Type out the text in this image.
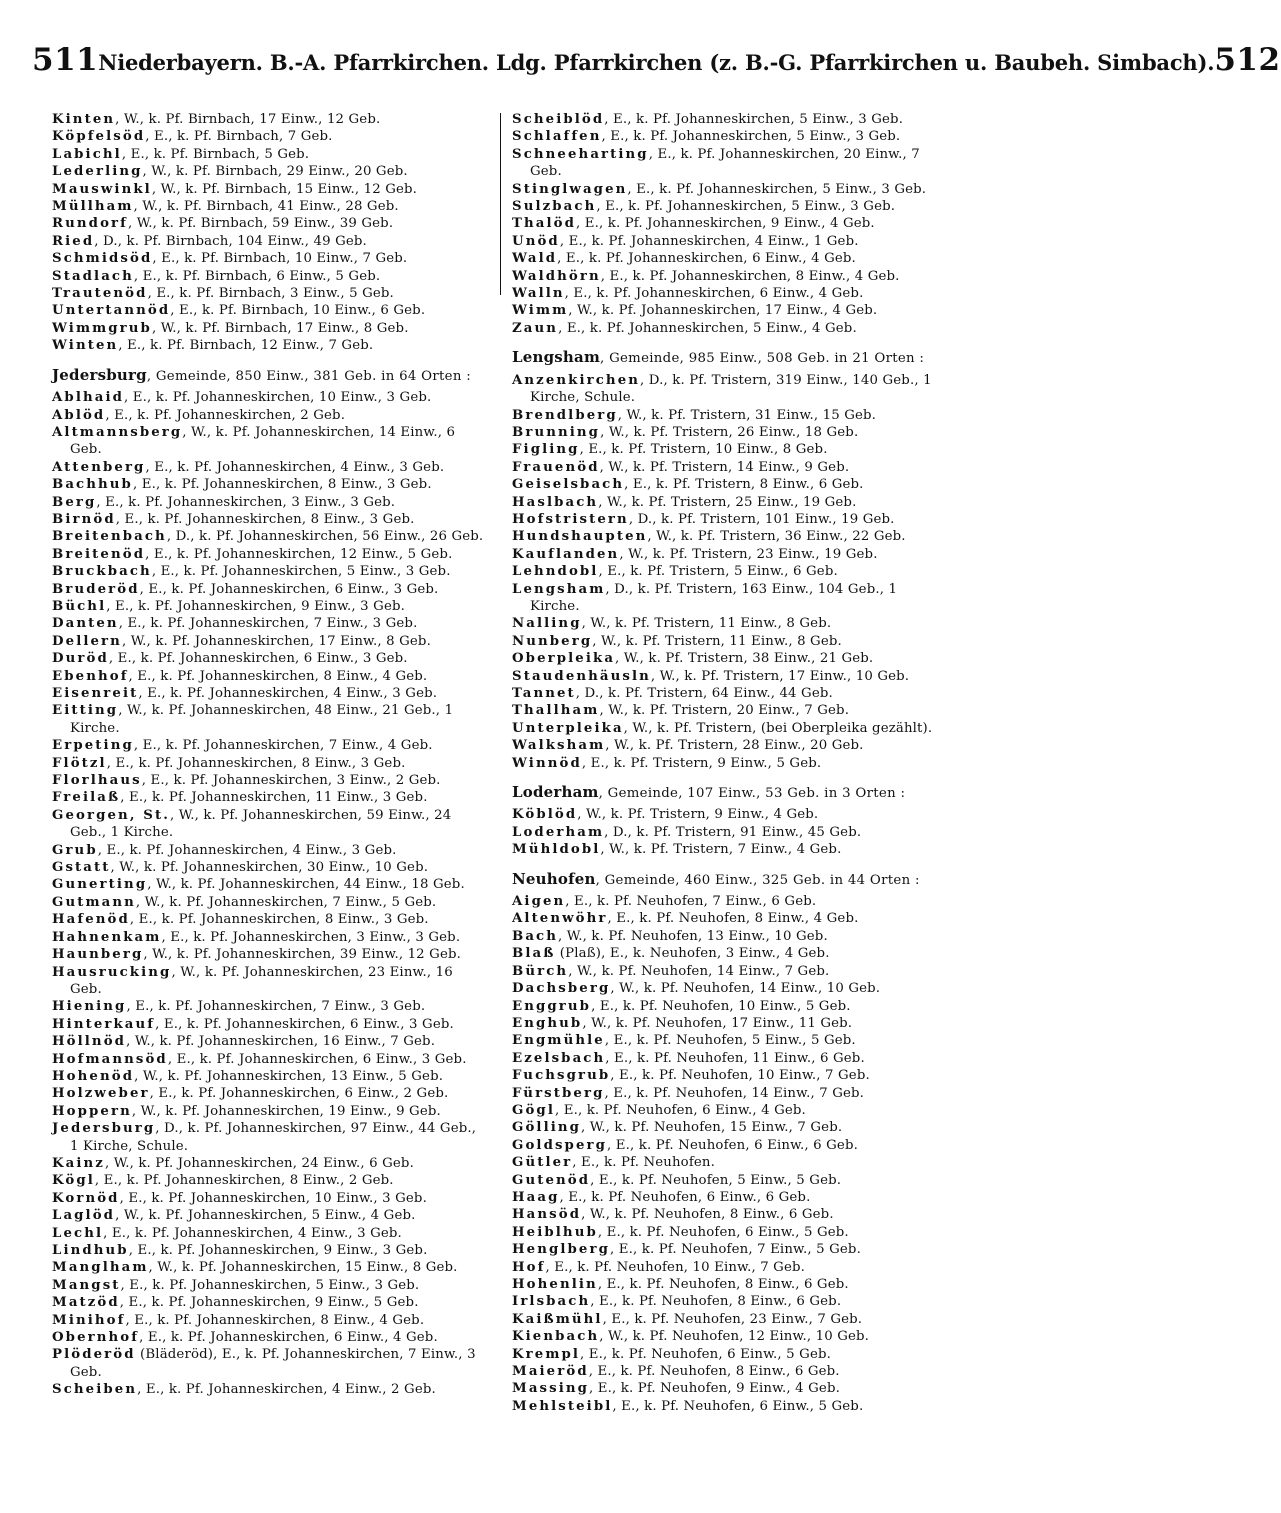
511 Niederbayern. B.-A. Pfarrkirchen. Ldg. Pfarrkirchen (z. B.-G. Pfarrkirchen u. Baubeh. Simbach). 512

Kinten, W., k. Pf. Birnbach, 17 Einw., 12 Geb.

Köpfelsöd, E., k. Pf. Birnbach, 7 Geb.

Labichl, E., k. Pf. Birnbach, 5 Geb.

Lederling, W., k. Pf. Birnbach, 29 Einw., 20 Geb.

Mauswinkl, W., k. Pf. Birnbach, 15 Einw., 12 Geb.

Müllham, W., k. Pf. Birnbach, 41 Einw., 28 Geb.

Rundorf, W., k. Pf. Birnbach, 59 Einw., 39 Geb.

Ried, D., k. Pf. Birnbach, 104 Einw., 49 Geb.

Schmidsöd, E., k. Pf. Birnbach, 10 Einw., 7 Geb.

Stadlach, E., k. Pf. Birnbach, 6 Einw., 5 Geb.

Trautenöd, E., k. Pf. Birnbach, 3 Einw., 5 Geb.

Untertannöd, E., k. Pf. Birnbach, 10 Einw., 6 Geb.

Wimmgrub, W., k. Pf. Birnbach, 17 Einw., 8 Geb.

Winten, E., k. Pf. Birnbach, 12 Einw., 7 Geb.

Jedersburg, Gemeinde, 850 Einw., 381 Geb. in 64 Orten :

Ablhaid, E., k. Pf. Johanneskirchen, 10 Einw., 3 Geb.

Ablöd, E., k. Pf. Johanneskirchen, 2 Geb.

Altmannsberg, W., k. Pf. Johanneskirchen, 14 Einw., 6 Geb.

Attenberg, E., k. Pf. Johanneskirchen, 4 Einw., 3 Geb.

Bachhub, E., k. Pf. Johanneskirchen, 8 Einw., 3 Geb.

Berg, E., k. Pf. Johanneskirchen, 3 Einw., 3 Geb.

Birnöd, E., k. Pf. Johanneskirchen, 8 Einw., 3 Geb.

Breitenbach, D., k. Pf. Johanneskirchen, 56 Einw., 26 Geb.

Breitenöd, E., k. Pf. Johanneskirchen, 12 Einw., 5 Geb.

Bruckbach, E., k. Pf. Johanneskirchen, 5 Einw., 3 Geb.

Bruderöd, E., k. Pf. Johanneskirchen, 6 Einw., 3 Geb.

Büchl, E., k. Pf. Johanneskirchen, 9 Einw., 3 Geb.

Danten, E., k. Pf. Johanneskirchen, 7 Einw., 3 Geb.

Dellern, W., k. Pf. Johanneskirchen, 17 Einw., 8 Geb.

Duröd, E., k. Pf. Johanneskirchen, 6 Einw., 3 Geb.

Ebenhof, E., k. Pf. Johanneskirchen, 8 Einw., 4 Geb.

Eisenreit, E., k. Pf. Johanneskirchen, 4 Einw., 3 Geb.

Eitting, W., k. Pf. Johanneskirchen, 48 Einw., 21 Geb., 1 Kirche.

Erpeting, E., k. Pf. Johanneskirchen, 7 Einw., 4 Geb.

Flötzl, E., k. Pf. Johanneskirchen, 8 Einw., 3 Geb.

Florlhaus, E., k. Pf. Johanneskirchen, 3 Einw., 2 Geb.

Freilaß, E., k. Pf. Johanneskirchen, 11 Einw., 3 Geb.

Georgen, St., W., k. Pf. Johanneskirchen, 59 Einw., 24 Geb., 1 Kirche.

Grub, E., k. Pf. Johanneskirchen, 4 Einw., 3 Geb.

Gstatt, W., k. Pf. Johanneskirchen, 30 Einw., 10 Geb.

Gunerting, W., k. Pf. Johanneskirchen, 44 Einw., 18 Geb.

Gutmann, W., k. Pf. Johanneskirchen, 7 Einw., 5 Geb.

Hafenöd, E., k. Pf. Johanneskirchen, 8 Einw., 3 Geb.

Hahnenkam, E., k. Pf. Johanneskirchen, 3 Einw., 3 Geb.

Haunberg, W., k. Pf. Johanneskirchen, 39 Einw., 12 Geb.

Hausrucking, W., k. Pf. Johanneskirchen, 23 Einw., 16 Geb.

Hiening, E., k. Pf. Johanneskirchen, 7 Einw., 3 Geb.

Hinterkauf, E., k. Pf. Johanneskirchen, 6 Einw., 3 Geb.

Höllnöd, W., k. Pf. Johanneskirchen, 16 Einw., 7 Geb.

Hofmannsöd, E., k. Pf. Johanneskirchen, 6 Einw., 3 Geb.

Hohenöd, W., k. Pf. Johanneskirchen, 13 Einw., 5 Geb.

Holzweber, E., k. Pf. Johanneskirchen, 6 Einw., 2 Geb.

Hoppern, W., k. Pf. Johanneskirchen, 19 Einw., 9 Geb.

Jedersburg, D., k. Pf. Johanneskirchen, 97 Einw., 44 Geb., 1 Kirche, Schule.

Kainz, W., k. Pf. Johanneskirchen, 24 Einw., 6 Geb.

Kögl, E., k. Pf. Johanneskirchen, 8 Einw., 2 Geb.

Kornöd, E., k. Pf. Johanneskirchen, 10 Einw., 3 Geb.

Laglöd, W., k. Pf. Johanneskirchen, 5 Einw., 4 Geb.

Lechl, E., k. Pf. Johanneskirchen, 4 Einw., 3 Geb.

Lindhub, E., k. Pf. Johanneskirchen, 9 Einw., 3 Geb.

Manglham, W., k. Pf. Johanneskirchen, 15 Einw., 8 Geb.

Mangst, E., k. Pf. Johanneskirchen, 5 Einw., 3 Geb.

Matzöd, E., k. Pf. Johanneskirchen, 9 Einw., 5 Geb.

Minihof, E., k. Pf. Johanneskirchen, 8 Einw., 4 Geb.

Obernhof, E., k. Pf. Johanneskirchen, 6 Einw., 4 Geb.

Plöderöd (Bläderöd), E., k. Pf. Johanneskirchen, 7 Einw., 3 Geb.

Scheiben, E., k. Pf. Johanneskirchen, 4 Einw., 2 Geb.

Scheiblöd, E., k. Pf. Johanneskirchen, 5 Einw., 3 Geb.

Schlaffen, E., k. Pf. Johanneskirchen, 5 Einw., 3 Geb.

Schneeharting, E., k. Pf. Johanneskirchen, 20 Einw., 7 Geb.

Stinglwagen, E., k. Pf. Johanneskirchen, 5 Einw., 3 Geb.

Sulzbach, E., k. Pf. Johanneskirchen, 5 Einw., 3 Geb.

Thalöd, E., k. Pf. Johanneskirchen, 9 Einw., 4 Geb.

Unöd, E., k. Pf. Johanneskirchen, 4 Einw., 1 Geb.

Wald, E., k. Pf. Johanneskirchen, 6 Einw., 4 Geb.

Waldhörn, E., k. Pf. Johanneskirchen, 8 Einw., 4 Geb.

Walln, E., k. Pf. Johanneskirchen, 6 Einw., 4 Geb.

Wimm, W., k. Pf. Johanneskirchen, 17 Einw., 4 Geb.

Zaun, E., k. Pf. Johanneskirchen, 5 Einw., 4 Geb.

Lengsham, Gemeinde, 985 Einw., 508 Geb. in 21 Orten :

Anzenkirchen, D., k. Pf. Tristern, 319 Einw., 140 Geb., 1 Kirche, Schule.

Brendlberg, W., k. Pf. Tristern, 31 Einw., 15 Geb.

Brunning, W., k. Pf. Tristern, 26 Einw., 18 Geb.

Figling, E., k. Pf. Tristern, 10 Einw., 8 Geb.

Frauenöd, W., k. Pf. Tristern, 14 Einw., 9 Geb.

Geiselsbach, E., k. Pf. Tristern, 8 Einw., 6 Geb.

Haslbach, W., k. Pf. Tristern, 25 Einw., 19 Geb.

Hofstristern, D., k. Pf. Tristern, 101 Einw., 19 Geb.

Hundshaupten, W., k. Pf. Tristern, 36 Einw., 22 Geb.

Kauflanden, W., k. Pf. Tristern, 23 Einw., 19 Geb.

Lehndobl, E., k. Pf. Tristern, 5 Einw., 6 Geb.

Lengsham, D., k. Pf. Tristern, 163 Einw., 104 Geb., 1 Kirche.

Nalling, W., k. Pf. Tristern, 11 Einw., 8 Geb.

Nunberg, W., k. Pf. Tristern, 11 Einw., 8 Geb.

Oberpleika, W., k. Pf. Tristern, 38 Einw., 21 Geb.

Staudenhäusln, W., k. Pf. Tristern, 17 Einw., 10 Geb.

Tannet, D., k. Pf. Tristern, 64 Einw., 44 Geb.

Thallham, W., k. Pf. Tristern, 20 Einw., 7 Geb.

Unterpleika, W., k. Pf. Tristern, (bei Oberpleika gezählt).

Walksham, W., k. Pf. Tristern, 28 Einw., 20 Geb.

Winnöd, E., k. Pf. Tristern, 9 Einw., 5 Geb.

Loderham, Gemeinde, 107 Einw., 53 Geb. in 3 Orten :

Köblöd, W., k. Pf. Tristern, 9 Einw., 4 Geb.

Loderham, D., k. Pf. Tristern, 91 Einw., 45 Geb.

Mühldobl, W., k. Pf. Tristern, 7 Einw., 4 Geb.

Neuhofen, Gemeinde, 460 Einw., 325 Geb. in 44 Orten :

Aigen, E., k. Pf. Neuhofen, 7 Einw., 6 Geb.

Altenwöhr, E., k. Pf. Neuhofen, 8 Einw., 4 Geb.

Bach, W., k. Pf. Neuhofen, 13 Einw., 10 Geb.

Blaß (Plaß), E., k. Neuhofen, 3 Einw., 4 Geb.

Bürch, W., k. Pf. Neuhofen, 14 Einw., 7 Geb.

Dachsberg, W., k. Pf. Neuhofen, 14 Einw., 10 Geb.

Enggrub, E., k. Pf. Neuhofen, 10 Einw., 5 Geb.

Enghub, W., k. Pf. Neuhofen, 17 Einw., 11 Geb.

Engmühle, E., k. Pf. Neuhofen, 5 Einw., 5 Geb.

Ezelsbach, E., k. Pf. Neuhofen, 11 Einw., 6 Geb.

Fuchsgrub, E., k. Pf. Neuhofen, 10 Einw., 7 Geb.

Fürstberg, E., k. Pf. Neuhofen, 14 Einw., 7 Geb.

Gögl, E., k. Pf. Neuhofen, 6 Einw., 4 Geb.

Gölling, W., k. Pf. Neuhofen, 15 Einw., 7 Geb.

Goldsperg, E., k. Pf. Neuhofen, 6 Einw., 6 Geb.

Gütler, E., k. Pf. Neuhofen.

Gutenöd, E., k. Pf. Neuhofen, 5 Einw., 5 Geb.

Haag, E., k. Pf. Neuhofen, 6 Einw., 6 Geb.

Hansöd, W., k. Pf. Neuhofen, 8 Einw., 6 Geb.

Heiblhub, E., k. Pf. Neuhofen, 6 Einw., 5 Geb.

Henglberg, E., k. Pf. Neuhofen, 7 Einw., 5 Geb.

Hof, E., k. Pf. Neuhofen, 10 Einw., 7 Geb.

Hohenlin, E., k. Pf. Neuhofen, 8 Einw., 6 Geb.

Irlsbach, E., k. Pf. Neuhofen, 8 Einw., 6 Geb.

Kaißmühl, E., k. Pf. Neuhofen, 23 Einw., 7 Geb.

Kienbach, W., k. Pf. Neuhofen, 12 Einw., 10 Geb.

Krempl, E., k. Pf. Neuhofen, 6 Einw., 5 Geb.

Maieröd, E., k. Pf. Neuhofen, 8 Einw., 6 Geb.

Massing, E., k. Pf. Neuhofen, 9 Einw., 4 Geb.

Mehlsteibl, E., k. Pf. Neuhofen, 6 Einw., 5 Geb.
